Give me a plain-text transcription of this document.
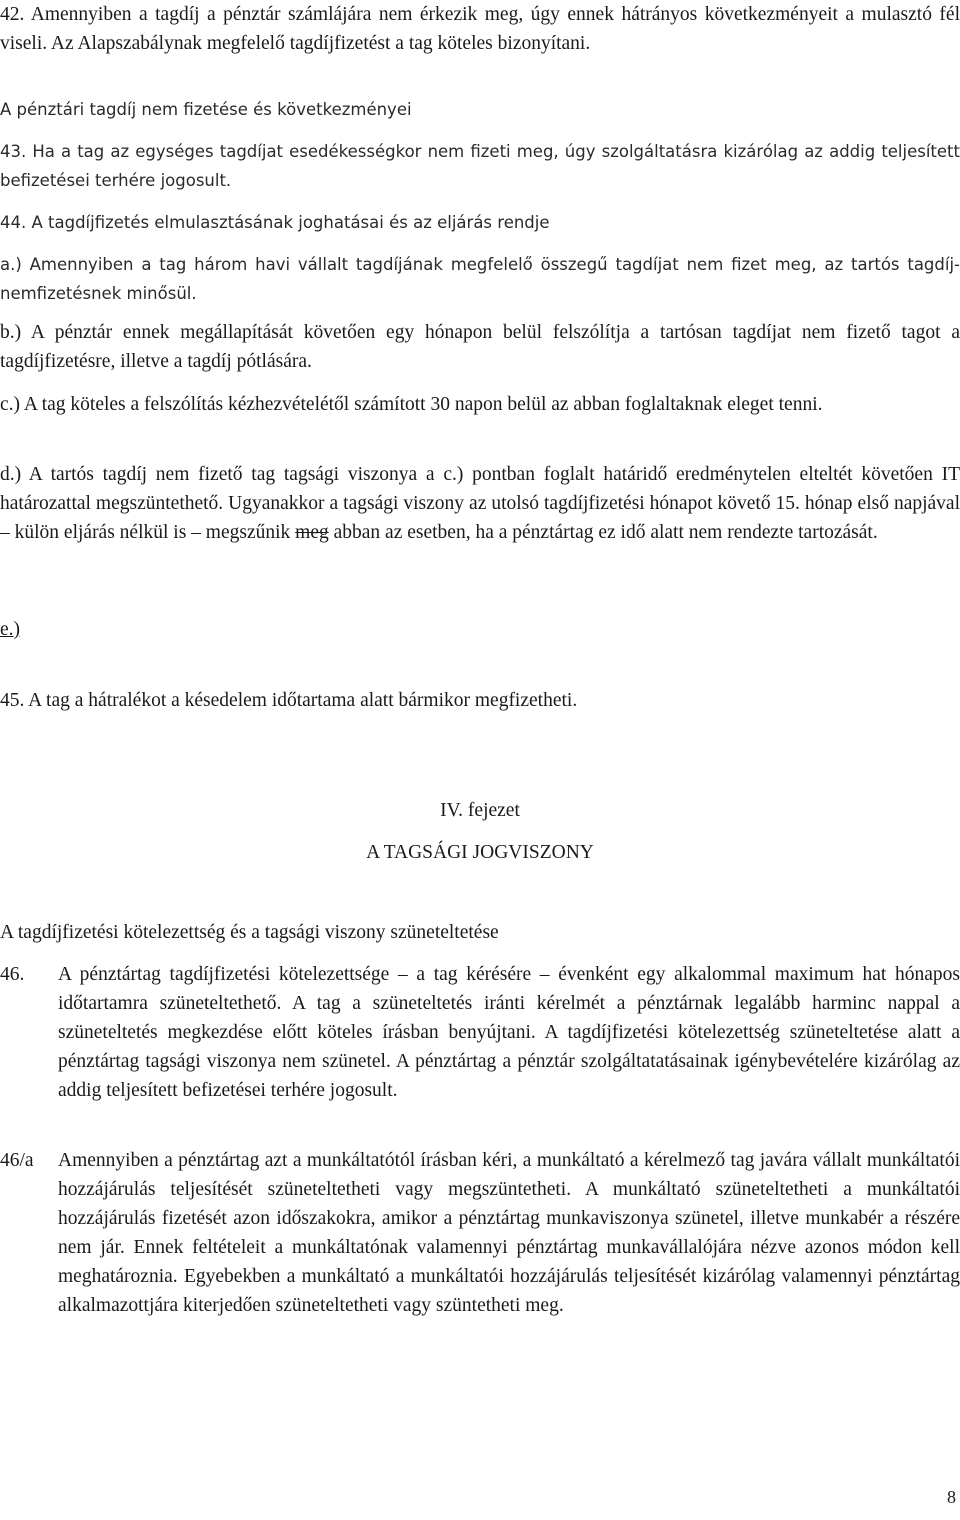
42. Amennyiben a tagdíj a pénztár számlájára nem érkezik meg, úgy ennek hátrányos következményeit a mulasztó fél viseli. Az Alapszabálynak megfelelő tagdíjfizetést a tag köteles bizonyítani.

A pénztári tagdíj nem fizetése és következményei

43. Ha a tag az egységes tagdíjat esedékességkor nem fizeti meg, úgy szolgáltatásra kizárólag az addig teljesített befizetései terhére jogosult.

44. A tagdíjfizetés elmulasztásának joghatásai és az eljárás rendje

a.) Amennyiben a tag három havi vállalt tagdíjának megfelelő összegű tagdíjat nem fizet meg, az tartós tagdíj-nemfizetésnek minősül.

b.) A pénztár ennek megállapítását követően egy hónapon belül felszólítja a tartósan tagdíjat nem fizető tagot a tagdíjfizetésre, illetve a tagdíj pótlására.

c.) A tag köteles a felszólítás kézhezvételétől számított 30 napon belül az abban foglaltaknak eleget tenni.

d.) A tartós tagdíj nem fizető tag tagsági viszonya a c.) pontban foglalt határidő eredménytelen elteltét követően IT határozattal megszüntethető. Ugyanakkor a tagsági viszony az utolsó tagdíjfizetési hónapot követő 15. hónap első napjával – külön eljárás nélkül is – megszűnik meg abban az esetben, ha a pénztártag ez idő alatt nem rendezte tartozását.

e.)

45. A tag a hátralékot a késedelem időtartama alatt bármikor megfizetheti.

IV. fejezet

A TAGSÁGI JOGVISZONY

A tagdíjfizetési kötelezettség és a tagsági viszony szüneteltetése

46. A pénztártag tagdíjfizetési kötelezettsége – a tag kérésére – évenként egy alkalommal maximum hat hónapos időtartamra szüneteltethető. A tag a szüneteltetés iránti kérelmét a pénztárnak legalább harminc nappal a szüneteltetés megkezdése előtt köteles írásban benyújtani. A tagdíjfizetési kötelezettség szüneteltetése alatt a pénztártag tagsági viszonya nem szünetel. A pénztártag a pénztár szolgáltatatásainak igénybevételére kizárólag az addig teljesített befizetései terhére jogosult.

46/a Amennyiben a pénztártag azt a munkáltatótól írásban kéri, a munkáltató a kérelmező tag javára vállalt munkáltatói hozzájárulás teljesítését szüneteltetheti vagy megszüntetheti. A munkáltató szüneteltetheti a munkáltatói hozzájárulás fizetését azon időszakokra, amikor a pénztártag munkaviszonya szünetel, illetve munkabér a részére nem jár. Ennek feltételeit a munkáltatónak valamennyi pénztártag munkavállalójára nézve azonos módon kell meghatároznia. Egyebekben a munkáltató a munkáltatói hozzájárulás teljesítését kizárólag valamennyi pénztártag alkalmazottjára kiterjedően szüneteltetheti vagy szüntetheti meg.

8
